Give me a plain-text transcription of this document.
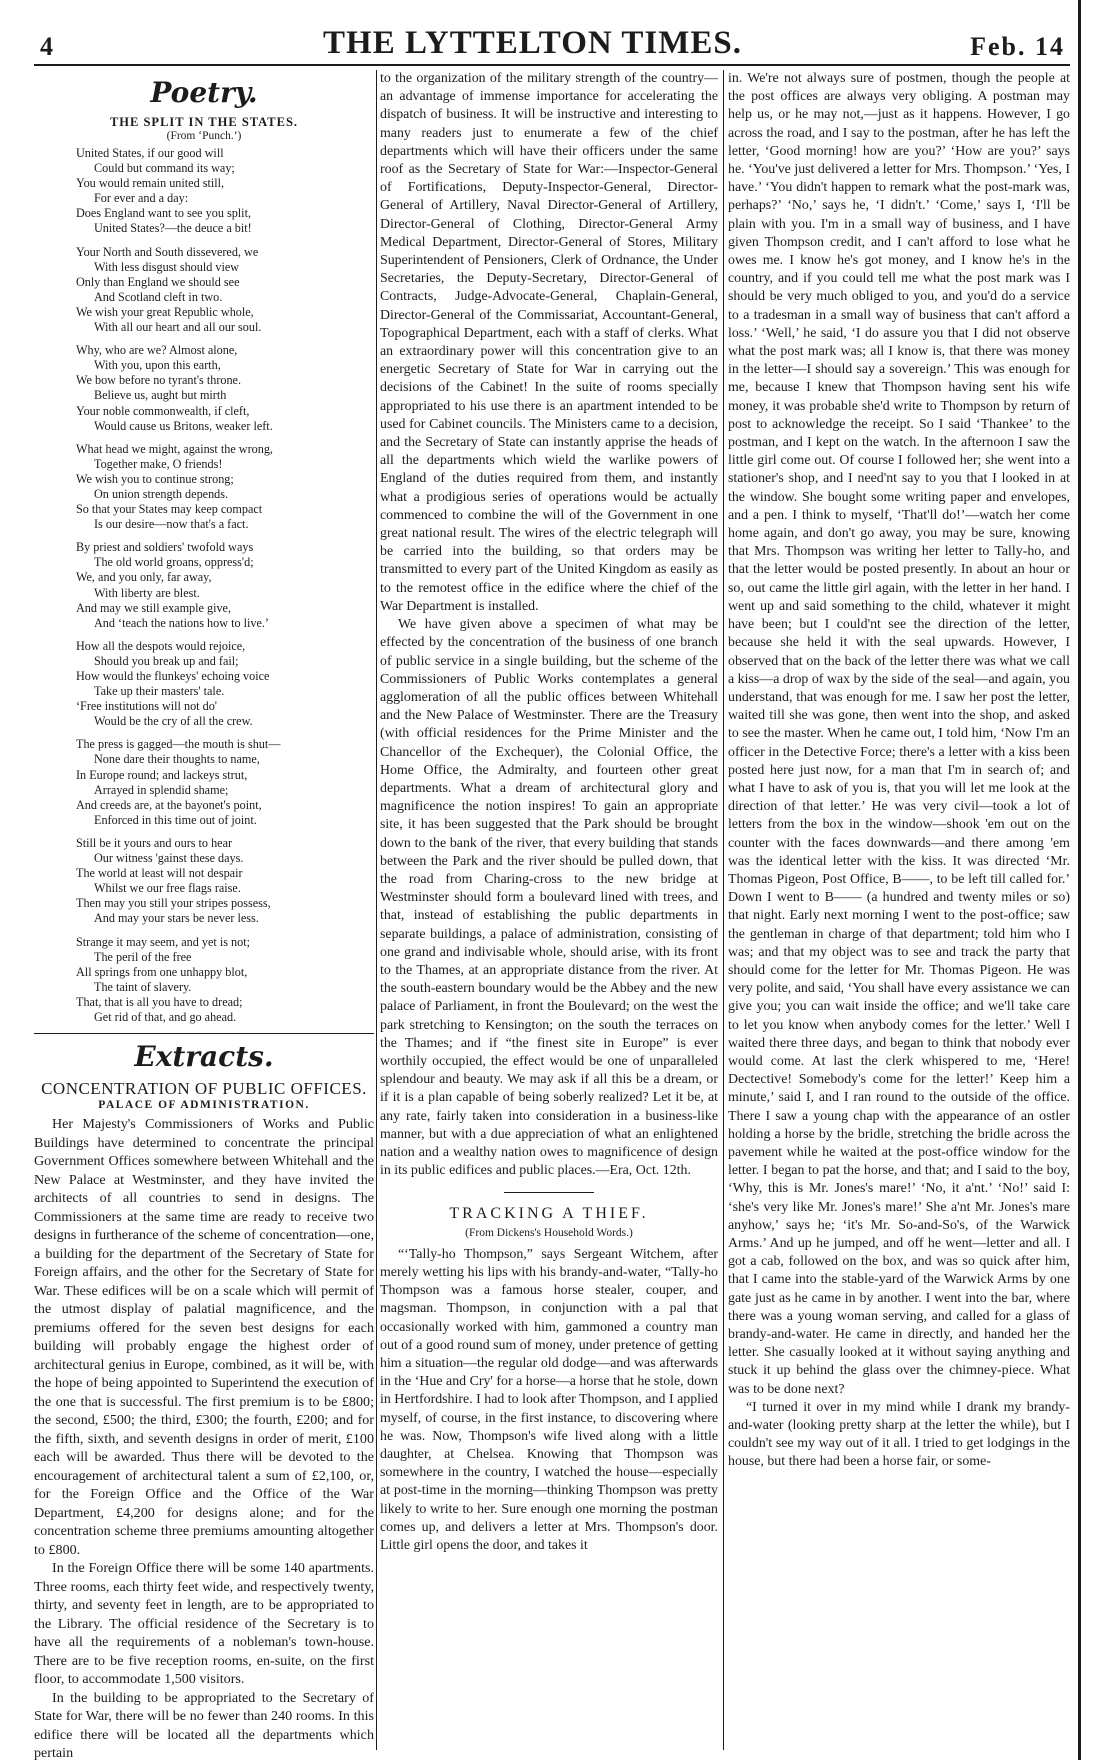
4	THE LYTTELTON TIMES.	Feb. 14
Poetry.
THE SPLIT IN THE STATES.
(From ‘Punch.’)
United States, if our good will
Could but command its way;
You would remain united still,
For ever and a day:
Does England want to see you split,
United States?—the deuce a bit!
Your North and South dissevered, we
With less disgust should view
Only than England we should see
And Scotland cleft in two.
We wish your great Republic whole,
With all our heart and all our soul.
Why, who are we? Almost alone,
With you, upon this earth,
We bow before no tyrant's throne.
Believe us, aught but mirth
Your noble commonwealth, if cleft,
Would cause us Britons, weaker left.
What head we might, against the wrong,
Together make, O friends!
We wish you to continue strong;
On union strength depends.
So that your States may keep compact
Is our desire—now that's a fact.
By priest and soldiers' twofold ways
The old world groans, oppress'd;
We, and you only, far away,
With liberty are blest.
And may we still example give,
And ‘teach the nations how to live.’
How all the despots would rejoice,
Should you break up and fail;
How would the flunkeys' echoing voice
Take up their masters' tale.
‘Free institutions will not do'
Would be the cry of all the crew.
The press is gagged—the mouth is shut—
None dare their thoughts to name,
In Europe round; and lackeys strut,
Arrayed in splendid shame;
And creeds are, at the bayonet's point,
Enforced in this time out of joint.
Still be it yours and ours to hear
Our witness 'gainst these days.
The world at least will not despair
Whilst we our free flags raise.
Then may you still your stripes possess,
And may your stars be never less.
Strange it may seem, and yet is not;
The peril of the free
All springs from one unhappy blot,
The taint of slavery.
That, that is all you have to dread;
Get rid of that, and go ahead.
Extracts.
CONCENTRATION OF PUBLIC OFFICES.
PALACE OF ADMINISTRATION.

Her Majesty's Commissioners of Works and Public Buildings have determined to concentrate the principal Government Offices somewhere between Whitehall and the New Palace at Westminster, and they have invited the architects of all countries to send in designs. The Commissioners at the same time are ready to receive two designs in furtherance of the scheme of concentration—one, a building for the department of the Secretary of State for Foreign affairs, and the other for the Secretary of State for War. These edifices will be on a scale which will permit of the utmost display of palatial magnificence, and the premiums offered for the seven best designs for each building will probably engage the highest order of architectural genius in Europe, combined, as it will be, with the hope of being appointed to Superintend the execution of the one that is successful. The first premium is to be £800; the second, £500; the third, £300; the fourth, £200; and for the fifth, sixth, and seventh designs in order of merit, £100 each will be awarded. Thus there will be devoted to the encouragement of architectural talent a sum of £2,100, or, for the Foreign Office and the Office of the War Department, £4,200 for designs alone; and for the concentration scheme three premiums amounting altogether to £800.

In the Foreign Office there will be some 140 apartments. Three rooms, each thirty feet wide, and respectively twenty, thirty, and seventy feet in length, are to be appropriated to the Library. The official residence of the Secretary is to have all the requirements of a nobleman's town-house. There are to be five reception rooms, en-suite, on the first floor, to accommodate 1,500 visitors.

In the building to be appropriated to the Secretary of State for War, there will be no fewer than 240 rooms. In this edifice there will be located all the departments which pertain

to the organization of the military strength of the country—an advantage of immense importance for accelerating the dispatch of business. It will be instructive and interesting to many readers just to enumerate a few of the chief departments which will have their officers under the same roof as the Secretary of State for War:—Inspector-General of Fortifications, Deputy-Inspector-General, Director-General of Artillery, Naval Director-General of Artillery, Director-General of Clothing, Director-General Army Medical Department, Director-General of Stores, Military Superintendent of Pensioners, Clerk of Ordnance, the Under Secretaries, the Deputy-Secretary, Director-General of Contracts, Judge-Advocate-General, Chaplain-General, Director-General of the Commissariat, Accountant-General, Topographical Department, each with a staff of clerks. What an extraordinary power will this concentration give to an energetic Secretary of State for War in carrying out the decisions of the Cabinet! In the suite of rooms specially appropriated to his use there is an apartment intended to be used for Cabinet councils. The Ministers came to a decision, and the Secretary of State can instantly apprise the heads of all the departments which wield the warlike powers of England of the duties required from them, and instantly what a prodigious series of operations would be actually commenced to combine the will of the Government in one great national result. The wires of the electric telegraph will be carried into the building, so that orders may be transmitted to every part of the United Kingdom as easily as to the remotest office in the edifice where the chief of the War Department is installed.

We have given above a specimen of what may be effected by the concentration of the business of one branch of public service in a single building, but the scheme of the Commissioners of Public Works contemplates a general agglomeration of all the public offices between Whitehall and the New Palace of Westminster. There are the Treasury (with official residences for the Prime Minister and the Chancellor of the Exchequer), the Colonial Office, the Home Office, the Admiralty, and fourteen other great departments. What a dream of architectural glory and magnificence the notion inspires! To gain an appropriate site, it has been suggested that the Park should be brought down to the bank of the river, that every building that stands between the Park and the river should be pulled down, that the road from Charing-cross to the new bridge at Westminster should form a boulevard lined with trees, and that, instead of establishing the public departments in separate buildings, a palace of administration, consisting of one grand and indivisable whole, should arise, with its front to the Thames, at an appropriate distance from the river. At the south-eastern boundary would be the Abbey and the new palace of Parliament, in front the Boulevard; on the west the park stretching to Kensington; on the south the terraces on the Thames; and if “the finest site in Europe” is ever worthily occupied, the effect would be one of unparalleled splendour and beauty. We may ask if all this be a dream, or if it is a plan capable of being soberly realized? Let it be, at any rate, fairly taken into consideration in a business-like manner, but with a due appreciation of what an enlightened nation and a wealthy nation owes to magnificence of design in its public edifices and public places.—Era, Oct. 12th.

TRACKING A THIEF.
(From Dickens's Household Words.)

“‘Tally-ho Thompson,” says Sergeant Witchem, after merely wetting his lips with his brandy-and-water, “Tally-ho Thompson was a famous horse stealer, couper, and magsman. Thompson, in conjunction with a pal that occasionally worked with him, gammoned a country man out of a good round sum of money, under pretence of getting him a situation—the regular old dodge—and was afterwards in the ‘Hue and Cry' for a horse—a horse that he stole, down in Hertfordshire. I had to look after Thompson, and I applied myself, of course, in the first instance, to discovering where he was. Now, Thompson's wife lived along with a little daughter, at Chelsea. Knowing that Thompson was somewhere in the country, I watched the house—especially at post-time in the morning—thinking Thompson was pretty likely to write to her. Sure enough one morning the postman comes up, and delivers a letter at Mrs. Thompson's door. Little girl opens the door, and takes it

in. We're not always sure of postmen, though the people at the post offices are always very obliging. A postman may help us, or he may not,—just as it happens. However, I go across the road, and I say to the postman, after he has left the letter, ‘Good morning! how are you?’ ‘How are you?’ says he. ‘You've just delivered a letter for Mrs. Thompson.’ ‘Yes, I have.’ ‘You didn't happen to remark what the post-mark was, perhaps?’ ‘No,’ says he, ‘I didn't.’ ‘Come,’ says I, ‘I'll be plain with you. I'm in a small way of business, and I have given Thompson credit, and I can't afford to lose what he owes me. I know he's got money, and I know he's in the country, and if you could tell me what the post mark was I should be very much obliged to you, and you'd do a service to a tradesman in a small way of business that can't afford a loss.’ ‘Well,’ he said, ‘I do assure you that I did not observe what the post mark was; all I know is, that there was money in the letter—I should say a sovereign.’ This was enough for me, because I knew that Thompson having sent his wife money, it was probable she'd write to Thompson by return of post to acknowledge the receipt. So I said ‘Thankee’ to the postman, and I kept on the watch. In the afternoon I saw the little girl come out. Of course I followed her; she went into a stationer's shop, and I need'nt say to you that I looked in at the window. She bought some writing paper and envelopes, and a pen. I think to myself, ‘That'll do!’—watch her come home again, and don't go away, you may be sure, knowing that Mrs. Thompson was writing her letter to Tally-ho, and that the letter would be posted presently. In about an hour or so, out came the little girl again, with the letter in her hand. I went up and said something to the child, whatever it might have been; but I could'nt see the direction of the letter, because she held it with the seal upwards. However, I observed that on the back of the letter there was what we call a kiss—a drop of wax by the side of the seal—and again, you understand, that was enough for me. I saw her post the letter, waited till she was gone, then went into the shop, and asked to see the master. When he came out, I told him, ‘Now I'm an officer in the Detective Force; there's a letter with a kiss been posted here just now, for a man that I'm in search of; and what I have to ask of you is, that you will let me look at the direction of that letter.’ He was very civil—took a lot of letters from the box in the window—shook 'em out on the counter with the faces downwards—and there among 'em was the identical letter with the kiss. It was directed ‘Mr. Thomas Pigeon, Post Office, B——, to be left till called for.’ Down I went to B—— (a hundred and twenty miles or so) that night. Early next morning I went to the post-office; saw the gentleman in charge of that department; told him who I was; and that my object was to see and track the party that should come for the letter for Mr. Thomas Pigeon. He was very polite, and said, ‘You shall have every assistance we can give you; you can wait inside the office; and we'll take care to let you know when anybody comes for the letter.’ Well I waited there three days, and began to think that nobody ever would come. At last the clerk whispered to me, ‘Here! Dectective! Somebody's come for the letter!’ Keep him a minute,’ said I, and I ran round to the outside of the office. There I saw a young chap with the appearance of an ostler holding a horse by the bridle, stretching the bridle across the pavement while he waited at the post-office window for the letter. I began to pat the horse, and that; and I said to the boy, ‘Why, this is Mr. Jones's mare!’ ‘No, it a'nt.’ ‘No!’ said I: ‘she's very like Mr. Jones's mare!’ She a'nt Mr. Jones's mare anyhow,’ says he; ‘it's Mr. So-and-So's, of the Warwick Arms.’ And up he jumped, and off he went—letter and all. I got a cab, followed on the box, and was so quick after him, that I came into the stable-yard of the Warwick Arms by one gate just as he came in by another. I went into the bar, where there was a young woman serving, and called for a glass of brandy-and-water. He came in directly, and handed her the letter. She casually looked at it without saying anything and stuck it up behind the glass over the chimney-piece. What was to be done next?

“I turned it over in my mind while I drank my brandy-and-water (looking pretty sharp at the letter the while), but I couldn't see my way out of it all. I tried to get lodgings in the house, but there had been a horse fair, or some-
